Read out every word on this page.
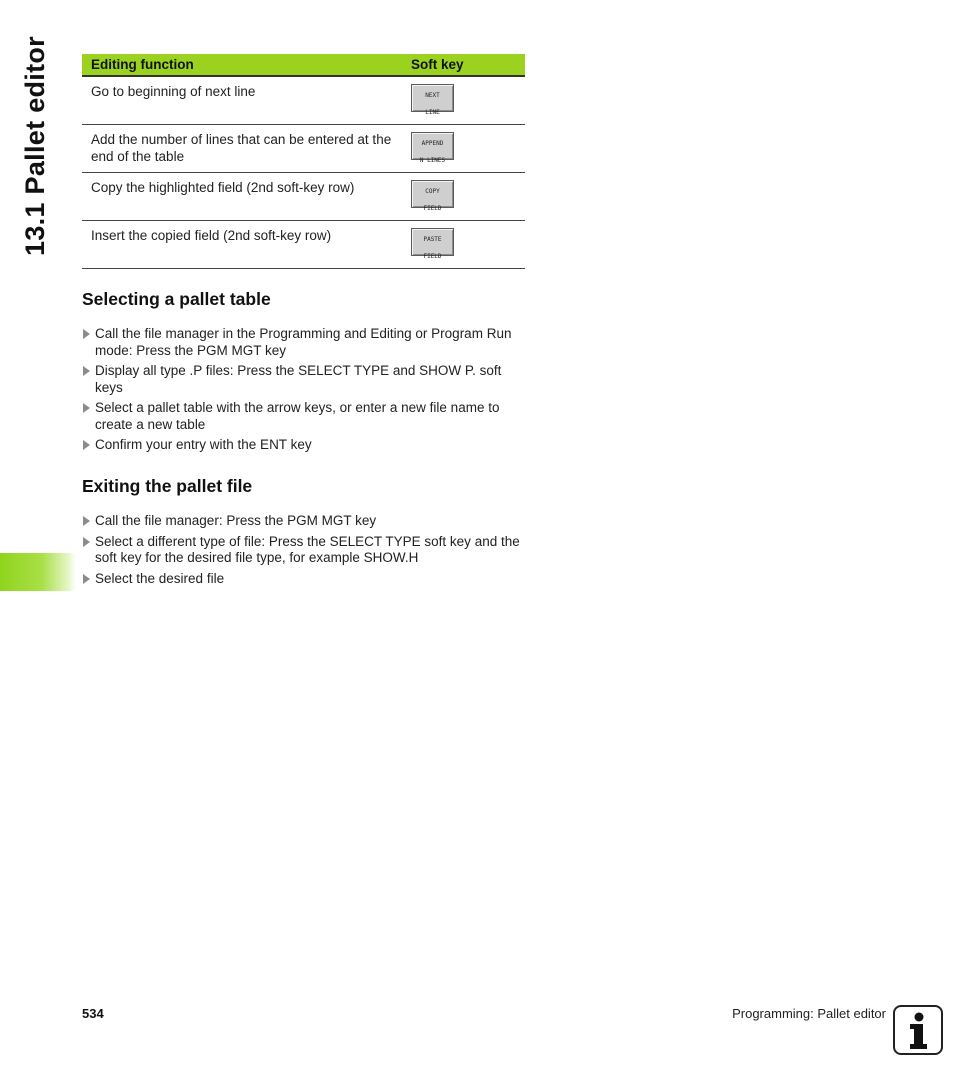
13.1 Pallet editor	Editing function	Soft key
Go to beginning of next line	NEXT
LINE

Add the number of lines that can be entered at the end of the table	APPEND
N LINES

Copy the highlighted field (2nd soft-key row)	COPY
FIELD

Insert the copied field (2nd soft-key row)	PASTE
FIELD
Selecting a pallet table
Call the file manager in the Programming and Editing or Program Run mode: Press the PGM MGT key
Display all type .P files: Press the SELECT TYPE and SHOW P. soft keys
Select a pallet table with the arrow keys, or enter a new file name to create a new table
Confirm your entry with the ENT key
Exiting the pallet file
Call the file manager: Press the PGM MGT key
Select a different type of file: Press the SELECT TYPE soft key and the soft key for the desired file type, for example SHOW.H
Select the desired file
534	Programming: Pallet editor
